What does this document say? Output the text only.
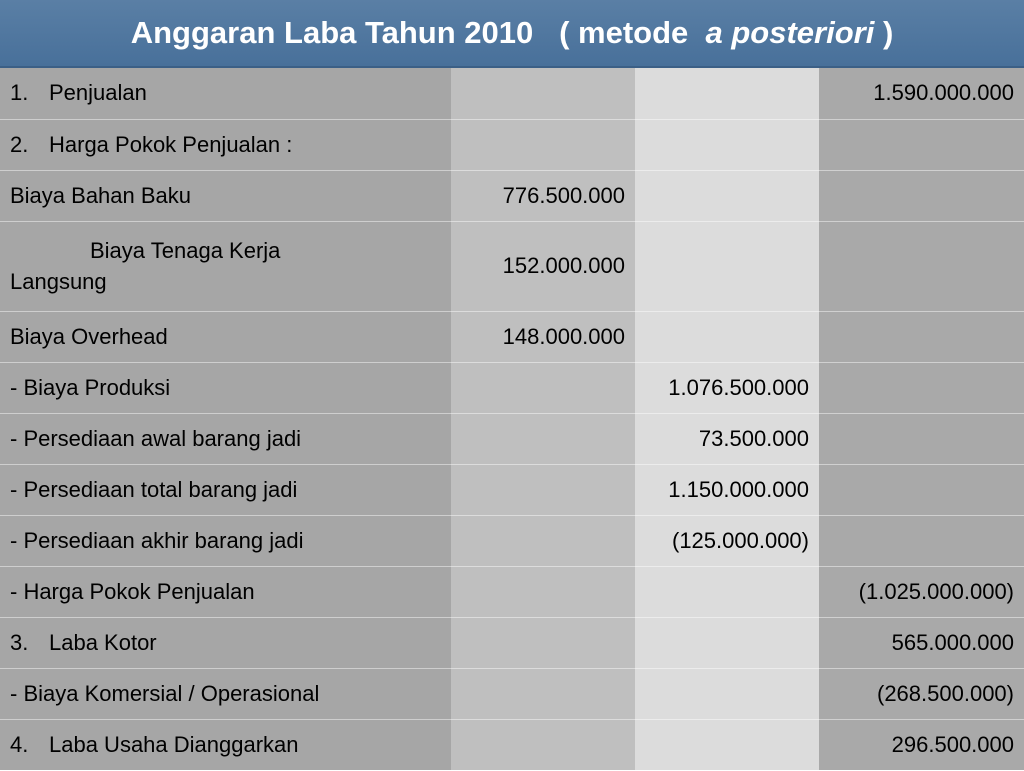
Anggaran Laba Tahun 2010   ( metode a posteriori )
1. Penjualan			1.590.000.000
2. Harga Pokok Penjualan :			
Biaya Bahan Baku	776.500.000		

Biaya Tenaga Kerja
Langsung	152.000.000		
Biaya Overhead	148.000.000		
- Biaya Produksi		1.076.500.000	
- Persediaan awal barang jadi		73.500.000	
- Persediaan total barang jadi		1.150.000.000	
- Persediaan akhir barang jadi		(125.000.000)	
- Harga Pokok Penjualan			(1.025.000.000)
3. Laba Kotor			565.000.000
- Biaya Komersial / Operasional			(268.500.000)
4. Laba Usaha Dianggarkan			296.500.000
